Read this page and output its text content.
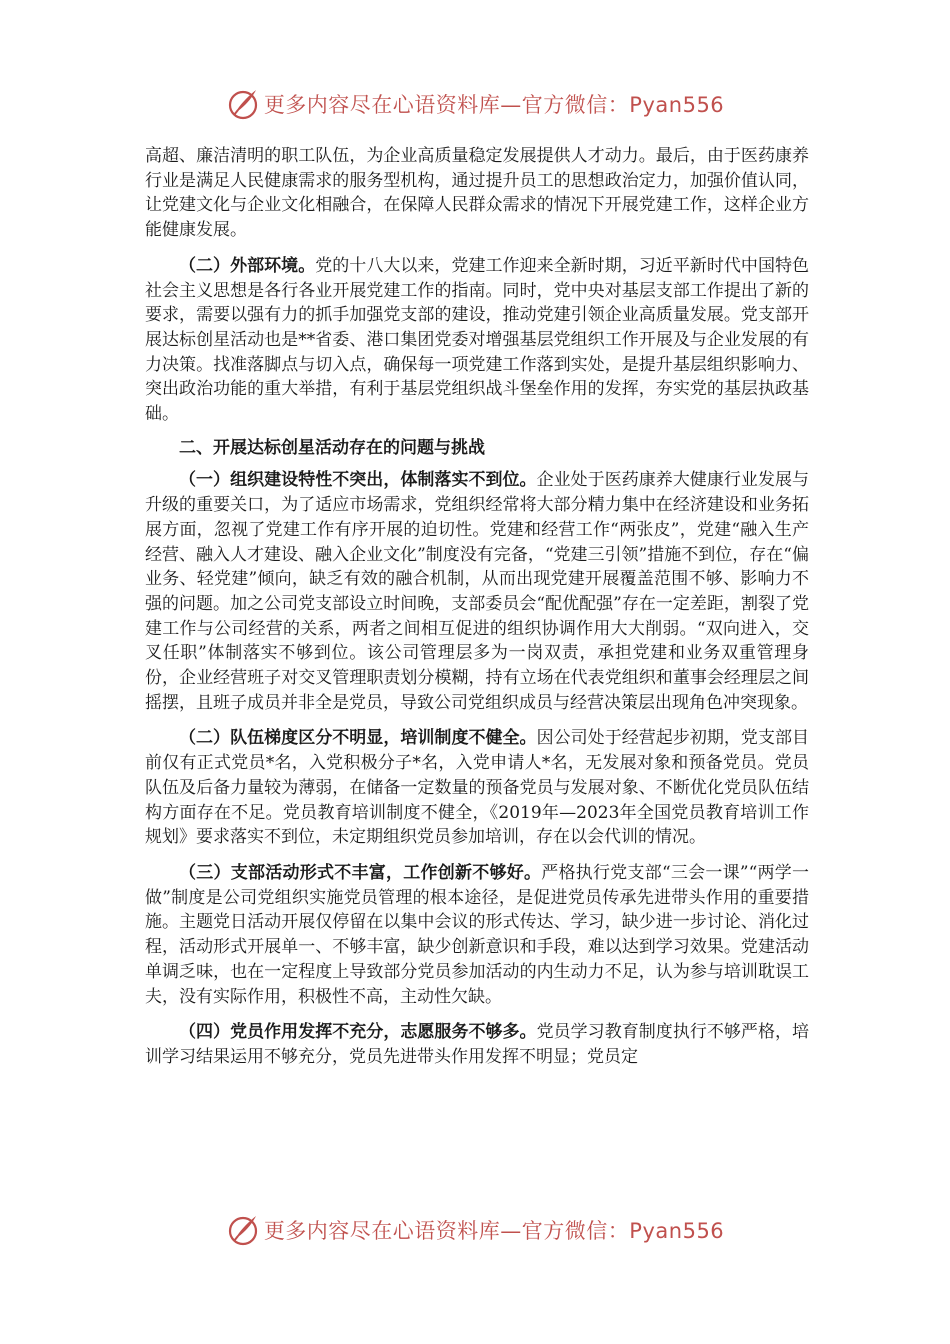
更多内容尽在心语资料库—官方微信：Pyan556

高超、廉洁清明的职工队伍，为企业高质量稳定发展提供人才动力。最后，由于医药康养行业是满足人民健康需求的服务型机构，通过提升员工的思想政治定力，加强价值认同，让党建文化与企业文化相融合，在保障人民群众需求的情况下开展党建工作，这样企业方能健康发展。

（二）外部环境。党的十八大以来，党建工作迎来全新时期，习近平新时代中国特色社会主义思想是各行各业开展党建工作的指南。同时，党中央对基层支部工作提出了新的要求，需要以强有力的抓手加强党支部的建设，推动党建引领企业高质量发展。党支部开展达标创星活动也是**省委、港口集团党委对增强基层党组织工作开展及与企业发展的有力决策。找准落脚点与切入点，确保每一项党建工作落到实处，是提升基层组织影响力、突出政治功能的重大举措，有利于基层党组织战斗堡垒作用的发挥，夯实党的基层执政基础。

二、开展达标创星活动存在的问题与挑战

（一）组织建设特性不突出，体制落实不到位。企业处于医药康养大健康行业发展与升级的重要关口，为了适应市场需求，党组织经常将大部分精力集中在经济建设和业务拓展方面，忽视了党建工作有序开展的迫切性。党建和经营工作“两张皮”，党建“融入生产经营、融入人才建设、融入企业文化”制度没有完备，“党建三引领”措施不到位，存在“偏业务、轻党建”倾向，缺乏有效的融合机制，从而出现党建开展覆盖范围不够、影响力不强的问题。加之公司党支部设立时间晚，支部委员会“配优配强”存在一定差距，割裂了党建工作与公司经营的关系，两者之间相互促进的组织协调作用大大削弱。“双向进入，交叉任职”体制落实不够到位。该公司管理层多为一岗双责，承担党建和业务双重管理身份，企业经营班子对交叉管理职责划分模糊，持有立场在代表党组织和董事会经理层之间摇摆，且班子成员并非全是党员，导致公司党组织成员与经营决策层出现角色冲突现象。

（二）队伍梯度区分不明显，培训制度不健全。因公司处于经营起步初期，党支部目前仅有正式党员*名，入党积极分子*名，入党申请人*名，无发展对象和预备党员。党员队伍及后备力量较为薄弱，在储备一定数量的预备党员与发展对象、不断优化党员队伍结构方面存在不足。党员教育培训制度不健全，《2019年—2023年全国党员教育培训工作规划》要求落实不到位，未定期组织党员参加培训，存在以会代训的情况。

（三）支部活动形式不丰富，工作创新不够好。严格执行党支部“三会一课”“两学一做”制度是公司党组织实施党员管理的根本途径，是促进党员传承先进带头作用的重要措施。主题党日活动开展仅停留在以集中会议的形式传达、学习，缺少进一步讨论、消化过程，活动形式开展单一、不够丰富，缺少创新意识和手段，难以达到学习效果。党建活动单调乏味，也在一定程度上导致部分党员参加活动的内生动力不足，认为参与培训耽误工夫，没有实际作用，积极性不高，主动性欠缺。

（四）党员作用发挥不充分，志愿服务不够多。党员学习教育制度执行不够严格，培训学习结果运用不够充分，党员先进带头作用发挥不明显；党员定

更多内容尽在心语资料库—官方微信：Pyan556
